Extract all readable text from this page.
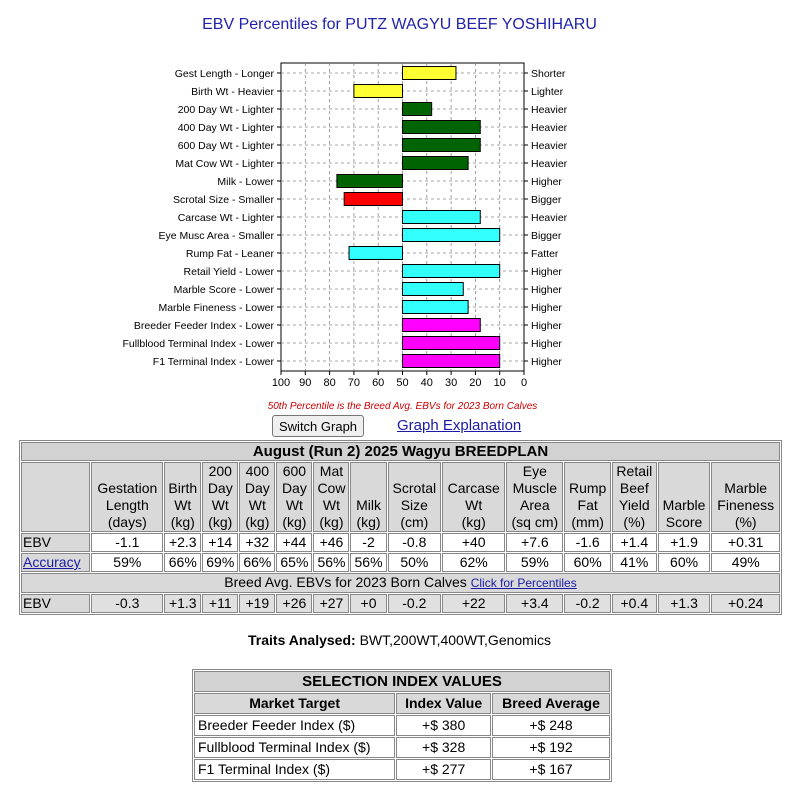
100 90 80 70 60 50 40 30 20 10 0
Gest Length - Longer	Shorter
Birth Wt - Heavier	Lighter
200 Day Wt - Lighter	Heavier
400 Day Wt - Lighter	Heavier
600 Day Wt - Lighter	Heavier
Mat Cow Wt - Lighter	Heavier
Milk - Lower	Higher
Scrotal Size - Smaller	Bigger
Carcase Wt - Lighter	Heavier
Eye Musc Area - Smaller	Bigger
Rump Fat - Leaner	Fatter
Retail Yield - Lower	Higher
Marble Score - Lower	Higher
Marble Fineness - Lower	Higher
Breeder Feeder Index - Lower	Higher
Fullblood Terminal Index - Lower	Higher
F1 Terminal Index - Lower	Higher
EBV Percentiles for PUTZ WAGYU BEEF YOSHIHARU
50th Percentile is the Breed Avg. EBVs for 2023 Born Calves
Switch Graph	Graph Explanation
August (Run 2) 2025 Wagyu BREEDPLAN														
	Gestation
Length
(days)	Birth
Wt
(kg)	200
Day
Wt
(kg)	400
Day
Wt
(kg)	600
Day
Wt
(kg)	Mat
Cow
Wt
(kg)	Milk
(kg)	Scrotal
Size
(cm)	Carcase
Wt
(kg)	Eye
Muscle
Area
(sq cm)	Rump
Fat
(mm)	Retail
Beef
Yield
(%)	Marble
Score	Marble
Fineness
(%)
EBV	-1.1	+2.3	+14	+32	+44	+46	-2	-0.8	+40	+7.6	-1.6	+1.4	+1.9	+0.31
Accuracy	59%	66%	69%	66%	65%	56%	56%	50%	62%	59%	60%	41%	60%	49%
Breed Avg. EBVs for 2023 Born Calves Click for Percentiles														
EBV	-0.3	+1.3	+11	+19	+26	+27	+0	-0.2	+22	+3.4	-0.2	+0.4	+1.3	+0.24
Traits Analysed: BWT,200WT,400WT,Genomics
SELECTION INDEX VALUES		
Market Target	Index Value	Breed Average
Breeder Feeder Index ($)	+$ 380	+$ 248
Fullblood Terminal Index ($)	+$ 328	+$ 192
F1 Terminal Index ($)	+$ 277	+$ 167
